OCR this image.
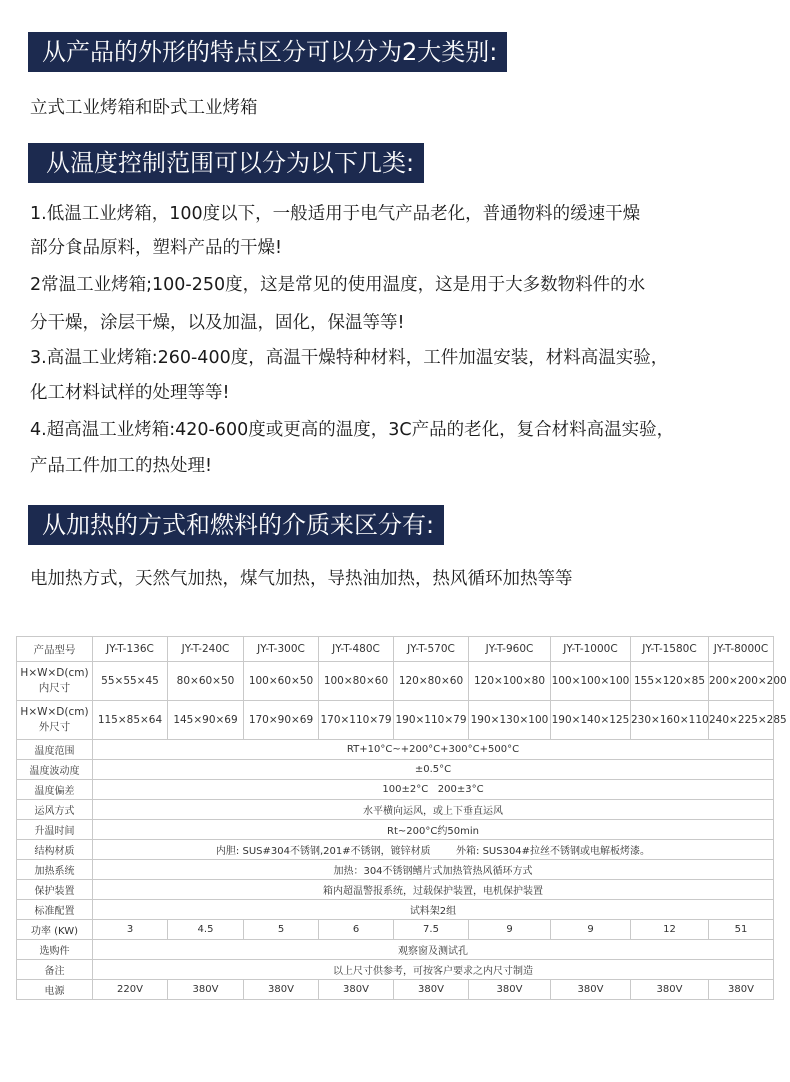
从产品的外形的特点区分可以分为2大类别:
立式工业烤箱和卧式工业烤箱
从温度控制范围可以分为以下几类:
1.低温工业烤箱，100度以下，一般适用于电气产品老化，普通物料的缓速干燥
部分食品原料，塑料产品的干燥!
2常温工业烤箱;100-250度，这是常见的使用温度，这是用于大多数物料件的水
分干燥，涂层干燥，以及加温，固化，保温等等!
3.高温工业烤箱:260-400度，高温干燥特种材料，工件加温安装，材料高温实验，
化工材料试样的处理等等!
4.超高温工业烤箱:420-600度或更高的温度，3C产品的老化，复合材料高温实验，
产品工件加工的热处理!
从加热的方式和燃料的介质来区分有:
电加热方式，天然气加热，煤气加热，导热油加热，热风循环加热等等
产品型号	JY-T-136C	JY-T-240C	JY-T-300C	JY-T-480C	JY-T-570C	JY-T-960C	JY-T-1000C	JY-T-1580C	JY-T-8000C

H×W×D(cm)
内尺寸	55×55×45	80×60×50	100×60×50	100×80×60	120×80×60	120×100×80	100×100×100	155×120×85	200×200×200

H×W×D(cm)
外尺寸	115×85×64	145×90×69	170×90×69	170×110×79	190×110×79	190×130×100	190×140×125	230×160×110	240×225×285
温度范围	RT+10°C~+200°C+300°C+500°C								
温度波动度	±0.5°C								
温度偏差	100±2°C   200±3°C								
运风方式	水平横向运风，或上下垂直运风								
升温时间	Rt~200°C约50min								
结构材质	内胆: SUS#304不锈钢,201#不锈钢，镀锌材质        外箱: SUS304#拉丝不锈钢或电解板烤漆。								
加热系统	加热：304不锈钢鳍片式加热管热风循环方式								
保护装置	箱内超温警报系统，过载保护装置，电机保护装置								
标准配置	试料架2组								
功率 (KW)	3	4.5	5	6	7.5	9	9	12	51
选购件	观察窗及测试孔								
备注	以上尺寸供参考，可按客户要求之内尺寸制造								
电源	220V	380V	380V	380V	380V	380V	380V	380V	380V
